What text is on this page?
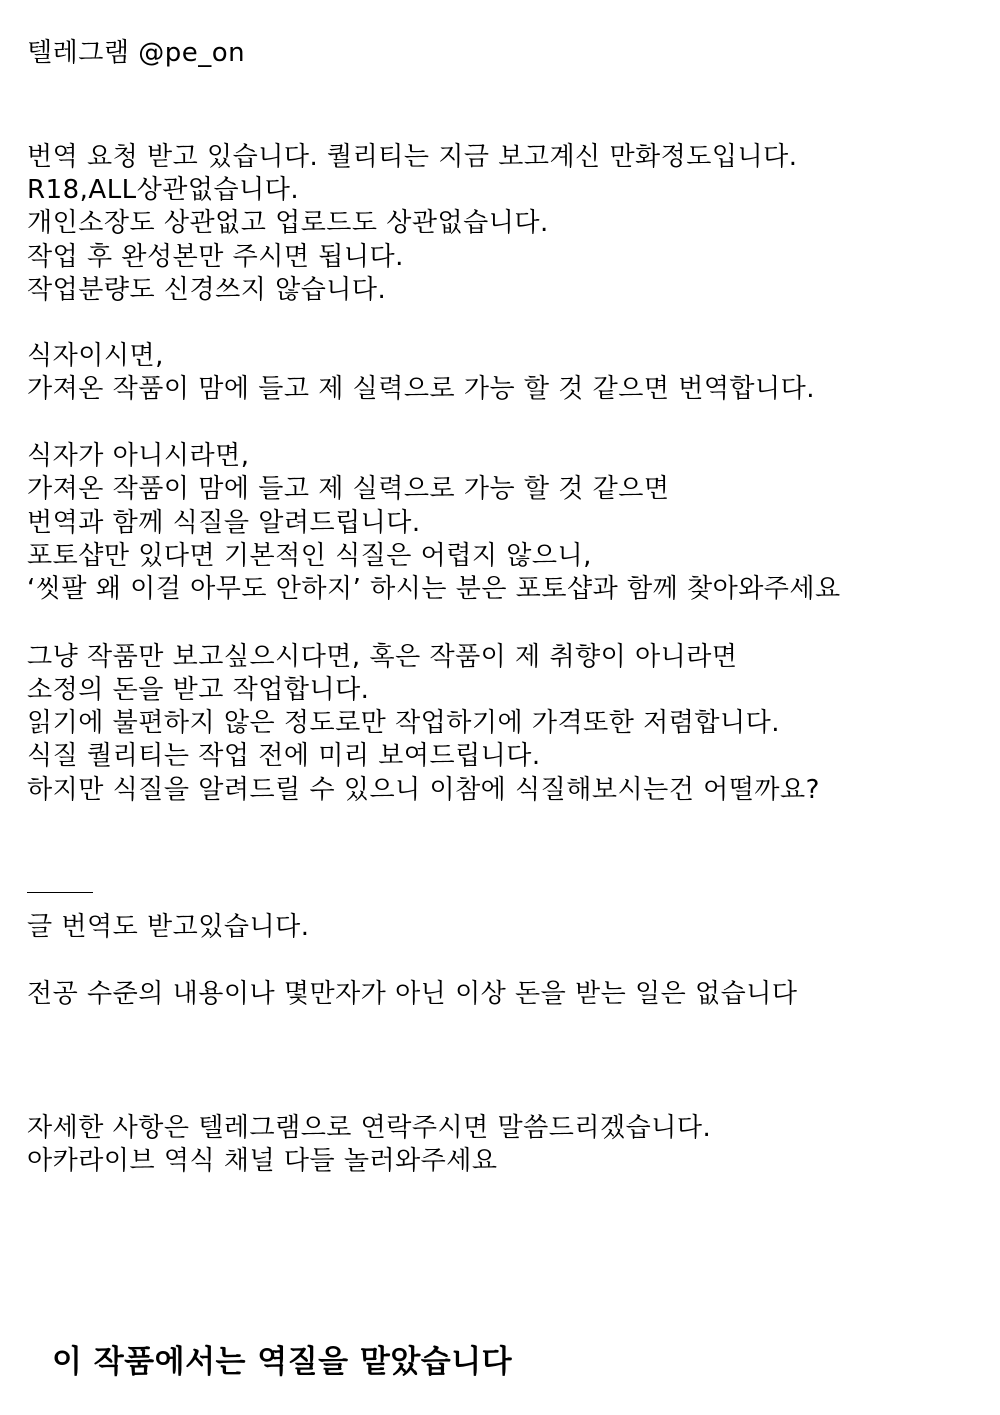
텔레그램 @pe_on
번역 요청 받고 있습니다. 퀄리티는 지금 보고계신 만화정도입니다.
R18,ALL상관없습니다.
개인소장도 상관없고 업로드도 상관없습니다.
작업 후 완성본만 주시면 됩니다.
작업분량도 신경쓰지 않습니다.
식자이시면,
가져온 작품이 맘에 들고 제 실력으로 가능 할 것 같으면 번역합니다.
식자가 아니시라면,
가져온 작품이 맘에 들고 제 실력으로 가능 할 것 같으면
번역과 함께 식질을 알려드립니다.
포토샵만 있다면 기본적인 식질은 어렵지 않으니,
‘씻팔 왜 이걸 아무도 안하지’ 하시는 분은 포토샵과 함께 찾아와주세요
그냥 작품만 보고싶으시다면, 혹은 작품이 제 취향이 아니라면
소정의 돈을 받고 작업합니다.
읽기에 불편하지 않은 정도로만 작업하기에 가격또한 저렴합니다.
식질 퀄리티는 작업 전에 미리 보여드립니다.
하지만 식질을 알려드릴 수 있으니 이참에 식질해보시는건 어떨까요?
글 번역도 받고있습니다.
전공 수준의 내용이나 몇만자가 아닌 이상 돈을 받는 일은 없습니다
자세한 사항은 텔레그램으로 연락주시면 말씀드리겠습니다.
아카라이브 역식 채널 다들 놀러와주세요
이 작품에서는 역질을 맡았습니다
